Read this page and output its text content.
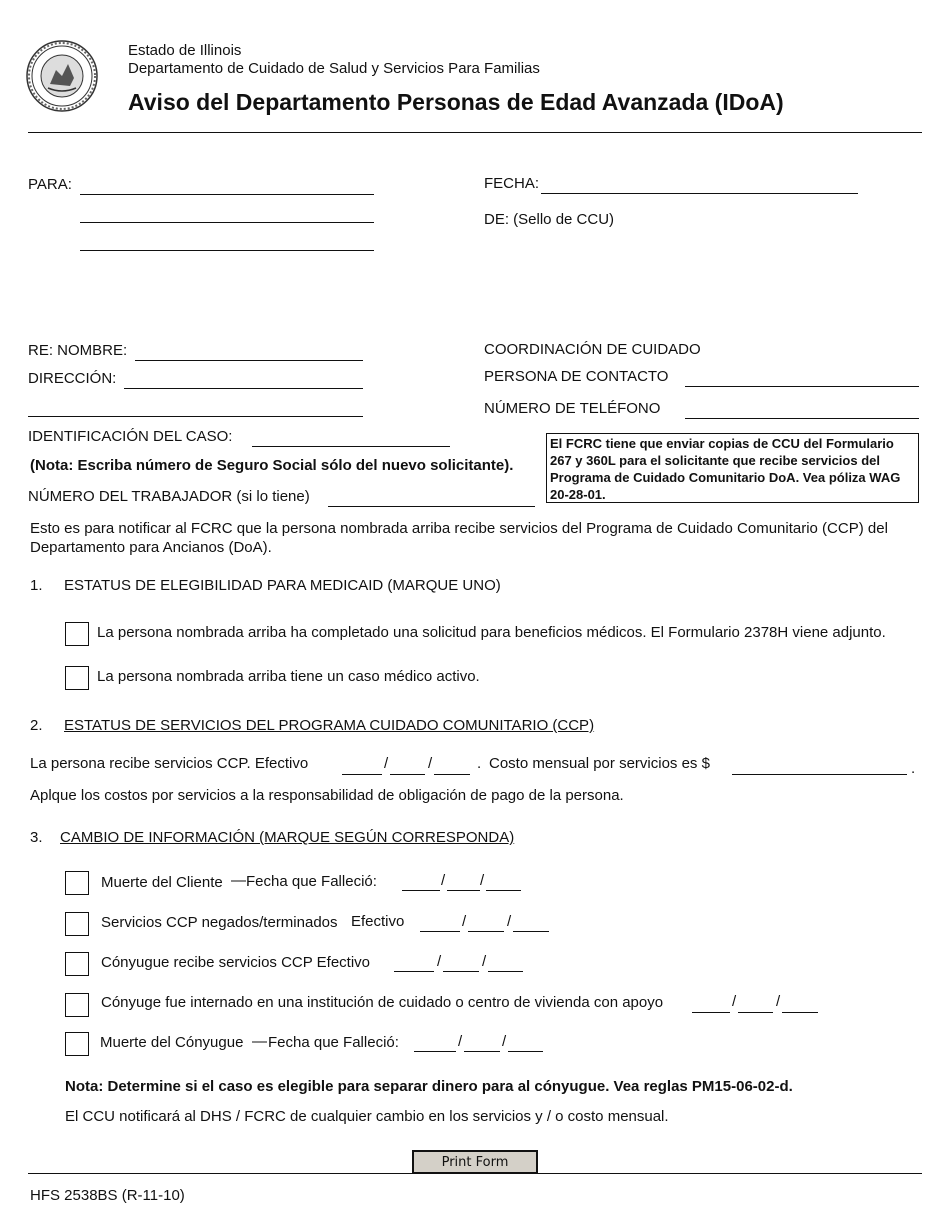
Estado de Illinois
Departamento de Cuidado de Salud y Servicios Para Familias
Aviso del Departamento Personas de Edad Avanzada (IDoA)
PARA:	FECHA:
DE: (Sello de CCU)
RE: NOMBRE:
DIRECCIÓN:
IDENTIFICACIÓN DEL CASO:
(Nota: Escriba número de Seguro Social sólo del nuevo solicitante).
NÚMERO DEL TRABAJADOR (si lo tiene)
COORDINACIÓN DE CUIDADO
PERSONA DE CONTACTO
NÚMERO DE TELÉFONO
El FCRC tiene que enviar copias de CCU del Formulario 267 y 360L para el solicitante que recibe servicios del Programa de Cuidado Comunitario DoA. Vea póliza WAG 20-28-01.
Esto es para notificar al FCRC que la persona nombrada arriba recibe servicios del Programa de Cuidado Comunitario (CCP) del Departamento para Ancianos (DoA).
1. ESTATUS DE ELEGIBILIDAD PARA MEDICAID (MARQUE UNO)
La persona nombrada arriba ha completado una solicitud para beneficios médicos. El Formulario 2378H viene adjunto.
La persona nombrada arriba tiene un caso médico activo.
2. ESTATUS DE SERVICIOS DEL PROGRAMA CUIDADO COMUNITARIO (CCP)
La persona recibe servicios CCP. Efectivo	/	/	. Costo mensual por servicios es $	.
Aplque los costos por servicios a la responsabilidad de obligación de pago de la persona.
3. CAMBIO DE INFORMACIÓN (MARQUE SEGÚN CORRESPONDA)
Muerte del Cliente — Fecha que Falleció:	/ /
Servicios CCP negados/terminados Efectivo	/	/
Cónyugue recibe servicios CCP Efectivo	/	/
Cónyuge fue internado en una institución de cuidado o centro de vivienda con apoyo	/	/
Muerte del Cónyugue — Fecha que Falleció:	/	/
Nota: Determine si el caso es elegible para separar dinero para al cónyugue. Vea reglas PM15-06-02-d.
El CCU notificará al DHS / FCRC de cualquier cambio en los servicios y / o costo mensual.
Print Form
HFS 2538BS (R-11-10)
